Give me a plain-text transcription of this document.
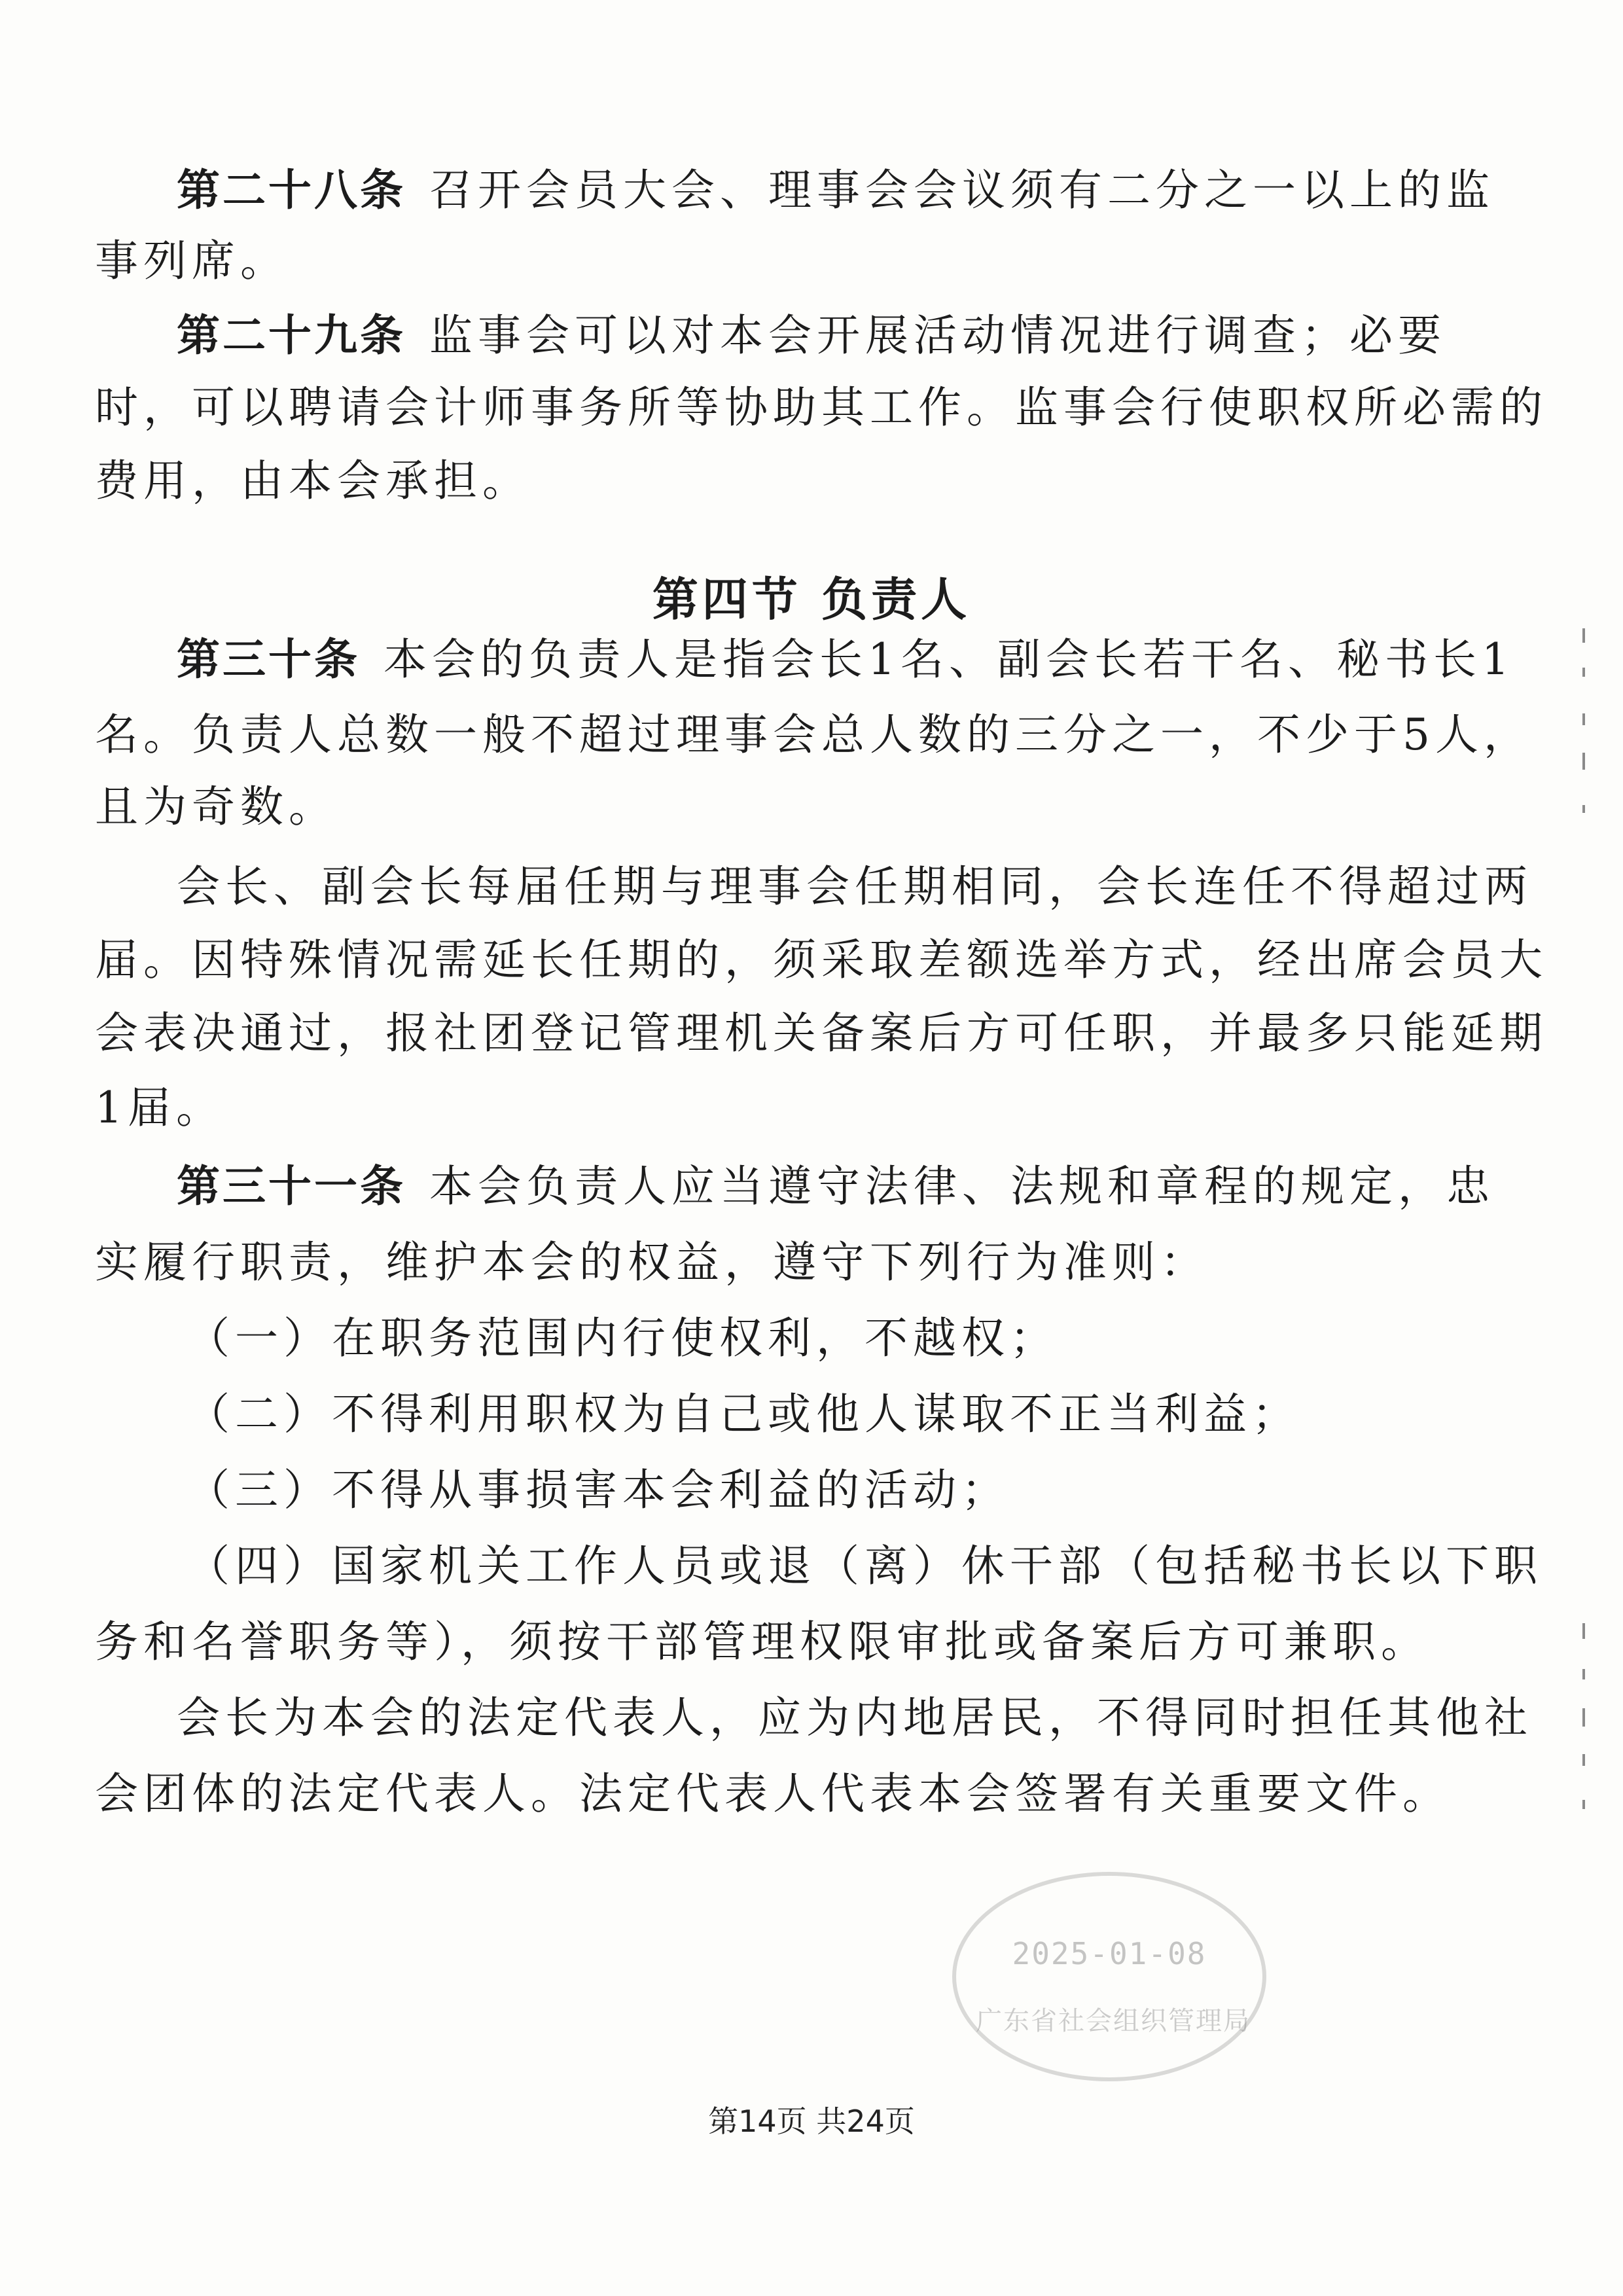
第二十八条 召开会员大会、理事会会议须有二分之一以上的监
事列席。
第二十九条 监事会可以对本会开展活动情况进行调查；必要
时，可以聘请会计师事务所等协助其工作。监事会行使职权所必需的
费用，由本会承担。
第四节 负责人
第三十条 本会的负责人是指会长1名、副会长若干名、秘书长1
名。负责人总数一般不超过理事会总人数的三分之一，不少于5人，
且为奇数。
会长、副会长每届任期与理事会任期相同，会长连任不得超过两
届。因特殊情况需延长任期的，须采取差额选举方式，经出席会员大
会表决通过，报社团登记管理机关备案后方可任职，并最多只能延期
1届。
第三十一条 本会负责人应当遵守法律、法规和章程的规定，忠
实履行职责，维护本会的权益，遵守下列行为准则：
（一）在职务范围内行使权利，不越权；
（二）不得利用职权为自己或他人谋取不正当利益；
（三）不得从事损害本会利益的活动；
（四）国家机关工作人员或退（离）休干部（包括秘书长以下职
务和名誉职务等），须按干部管理权限审批或备案后方可兼职。
会长为本会的法定代表人，应为内地居民，不得同时担任其他社
会团体的法定代表人。法定代表人代表本会签署有关重要文件。
2025-01-08
广东省社会组织管理局
第14页 共24页
